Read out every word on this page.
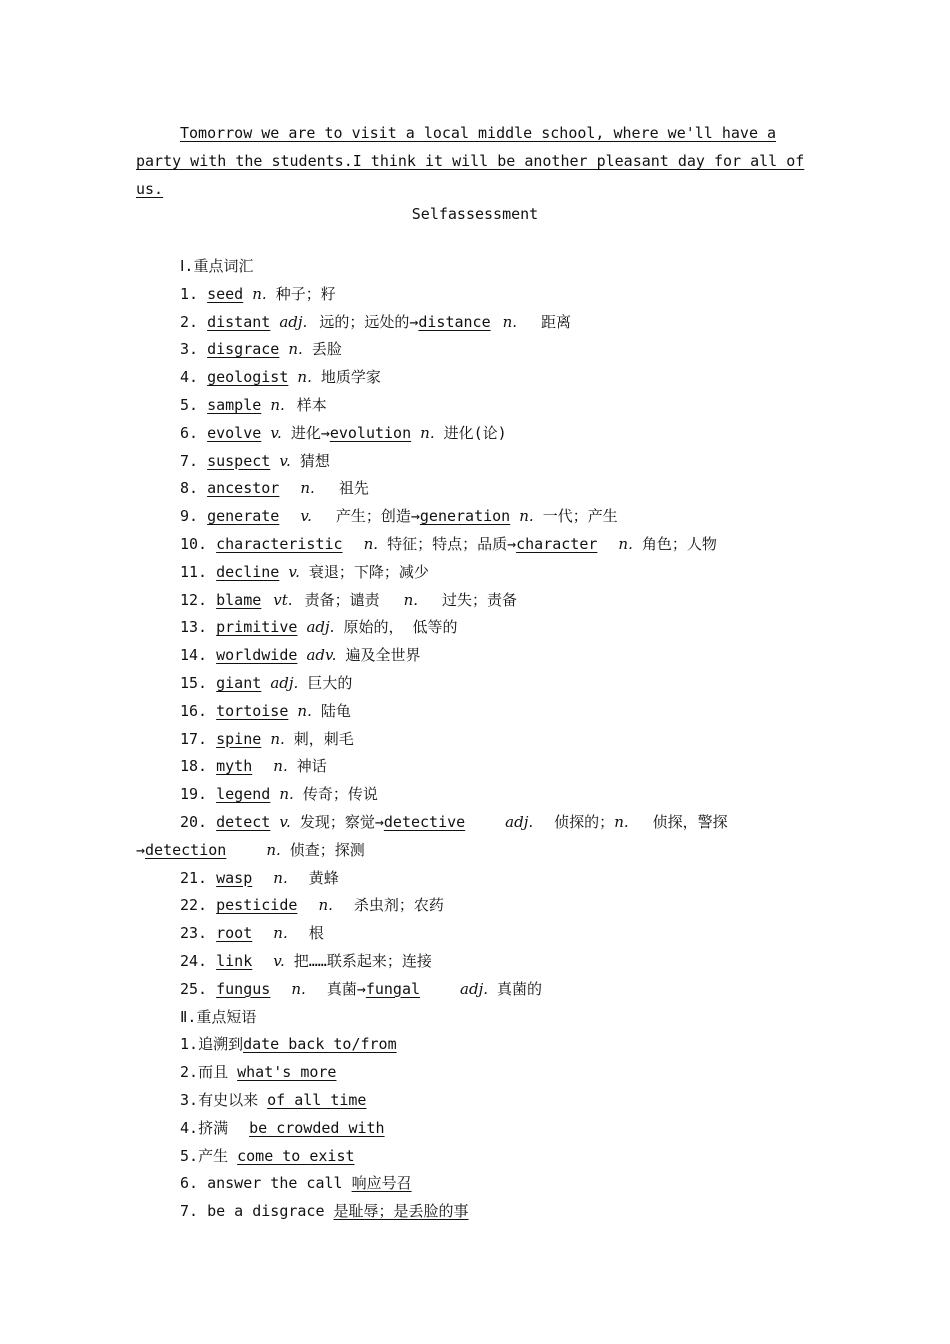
Tomorrow we are to visit a local middle school, where we'll have a party with the students.I think it will be another pleasant day for all of us.
Selfassessment
Ⅰ.重点词汇
1. seed n. 种子；籽
2. distant adj. 远的；远处的→distance n. 距离
3. disgrace n. 丢脸
4. geologist n. 地质学家
5. sample n. 样本
6. evolve v. 进化→evolution n. 进化(论)
7. suspect v. 猜想
8. ancestor n. 祖先
9. generate v. 产生；创造→generation n. 一代；产生
10. characteristic n. 特征；特点；品质→character n. 角色；人物
11. decline v. 衰退；下降；减少
12. blame vt. 责备；谴责 n. 过失；责备
13. primitive adj. 原始的， 低等的
14. worldwide adv. 遍及全世界
15. giant adj. 巨大的
16. tortoise n. 陆龟
17. spine n. 刺，刺毛
18. myth n. 神话
19. legend n. 传奇；传说
20. detect v. 发现；察觉→detective	adj. 侦探的；n. 侦探，警探→detection	n. 侦查；探测
21. wasp n. 黄蜂
22. pesticide n. 杀虫剂；农药
23. root n. 根
24. link v. 把……联系起来；连接
25. fungus n. 真菌→fungal	adj. 真菌的
Ⅱ.重点短语
1.追溯到date back to/from
2.而且 what's more
3.有史以来 of all time
4.挤满 be crowded with
5.产生 come to exist
6. answer the call 响应号召
7. be a disgrace 是耻辱；是丢脸的事
